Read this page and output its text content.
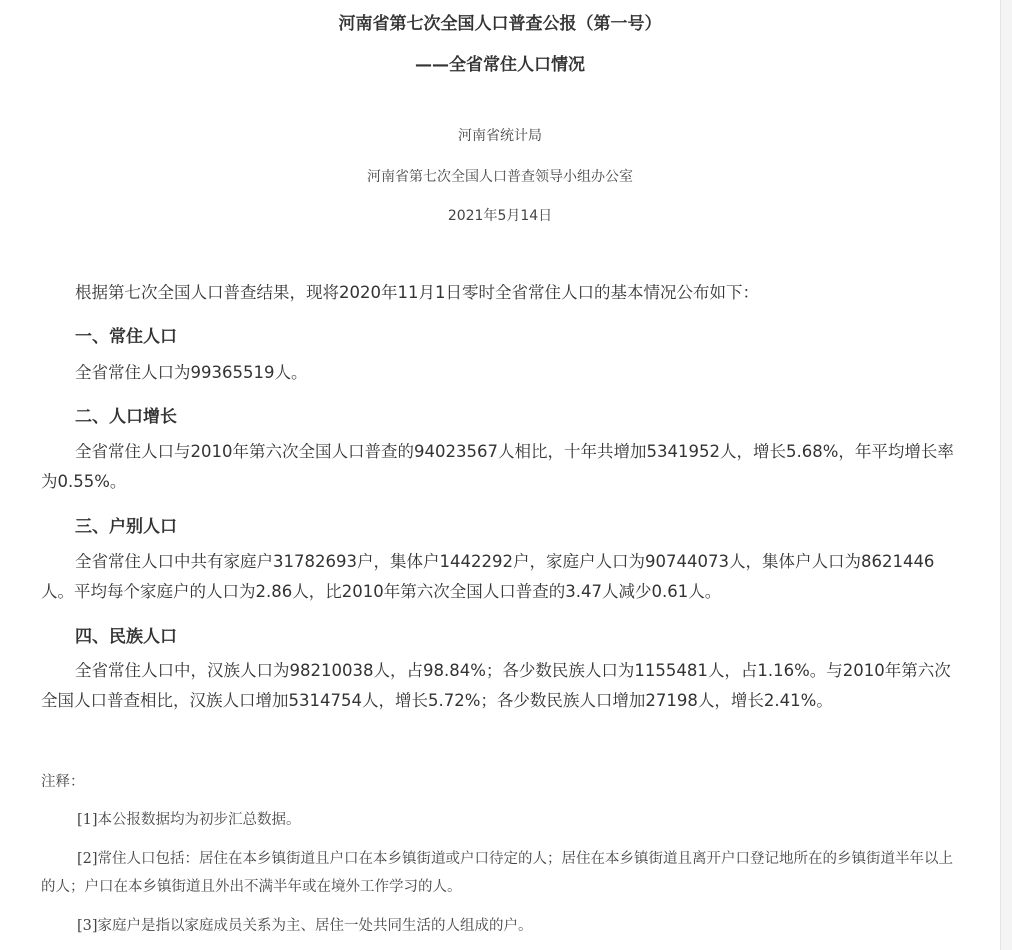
河南省第七次全国人口普查公报（第一号）
——全省常住人口情况
河南省统计局
河南省第七次全国人口普查领导小组办公室
2021年5月14日

根据第七次全国人口普查结果，现将2020年11月1日零时全省常住人口的基本情况公布如下：

一、常住人口

全省常住人口为99365519人。

二、人口增长

全省常住人口与2010年第六次全国人口普查的94023567人相比，十年共增加5341952人，增长5.68%，年平均增长率为0.55%。

三、户别人口

全省常住人口中共有家庭户31782693户，集体户1442292户，家庭户人口为90744073人，集体户人口为8621446人。平均每个家庭户的人口为2.86人，比2010年第六次全国人口普查的3.47人减少0.61人。

四、民族人口

全省常住人口中，汉族人口为98210038人，占98.84%；各少数民族人口为1155481人，占1.16%。与2010年第六次全国人口普查相比，汉族人口增加5314754人，增长5.72%；各少数民族人口增加27198人，增长2.41%。

注释：

[1]本公报数据均为初步汇总数据。

[2]常住人口包括：居住在本乡镇街道且户口在本乡镇街道或户口待定的人；居住在本乡镇街道且离开户口登记地所在的乡镇街道半年以上的人；户口在本乡镇街道且外出不满半年或在境外工作学习的人。

[3]家庭户是指以家庭成员关系为主、居住一处共同生活的人组成的户。
